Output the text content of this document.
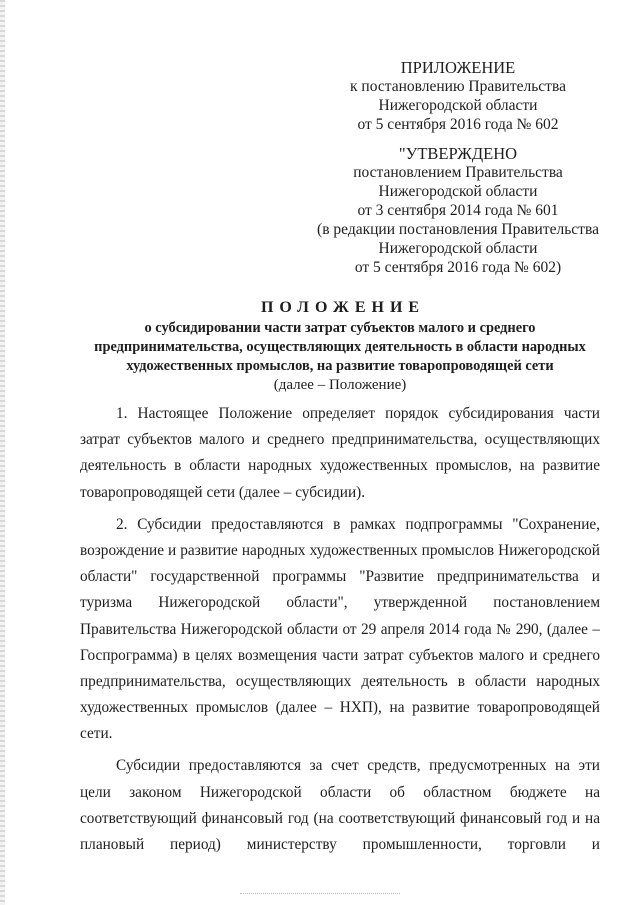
ПРИЛОЖЕНИЕ
к постановлению Правительства
Нижегородской области
от 5 сентября 2016 года № 602
"УТВЕРЖДЕНО
постановлением Правительства
Нижегородской области
от 3 сентября 2014 года № 601
(в редакции постановления Правительства
Нижегородской области
от 5 сентября 2016 года № 602)
ПОЛОЖЕНИЕ
о субсидировании части затрат субъектов малого и среднего
предпринимательства, осуществляющих деятельность в области народных
художественных промыслов, на развитие товаропроводящей сети
(далее – Положение)
1. Настоящее Положение определяет порядок субсидирования части
затрат субъектов малого и среднего предпринимательства, осуществляющих
деятельность в области народных художественных промыслов, на развитие
товаропроводящей сети (далее – субсидии).
2. Субсидии предоставляются в рамках подпрограммы "Сохранение,
возрождение и развитие народных художественных промыслов Нижегородской
области" государственной программы "Развитие предпринимательства и
туризма Нижегородской области", утвержденной постановлением
Правительства Нижегородской области от 29 апреля 2014 года № 290, (далее –
Госпрограмма) в целях возмещения части затрат субъектов малого и среднего
предпринимательства, осуществляющих деятельность в области народных
художественных промыслов (далее – НХП), на развитие товаропроводящей
сети.
Субсидии предоставляются за счет средств, предусмотренных на эти
цели законом Нижегородской области об областном бюджете на
соответствующий финансовый год (на соответствующий финансовый год и на
плановый период) министерству промышленности, торговли и
